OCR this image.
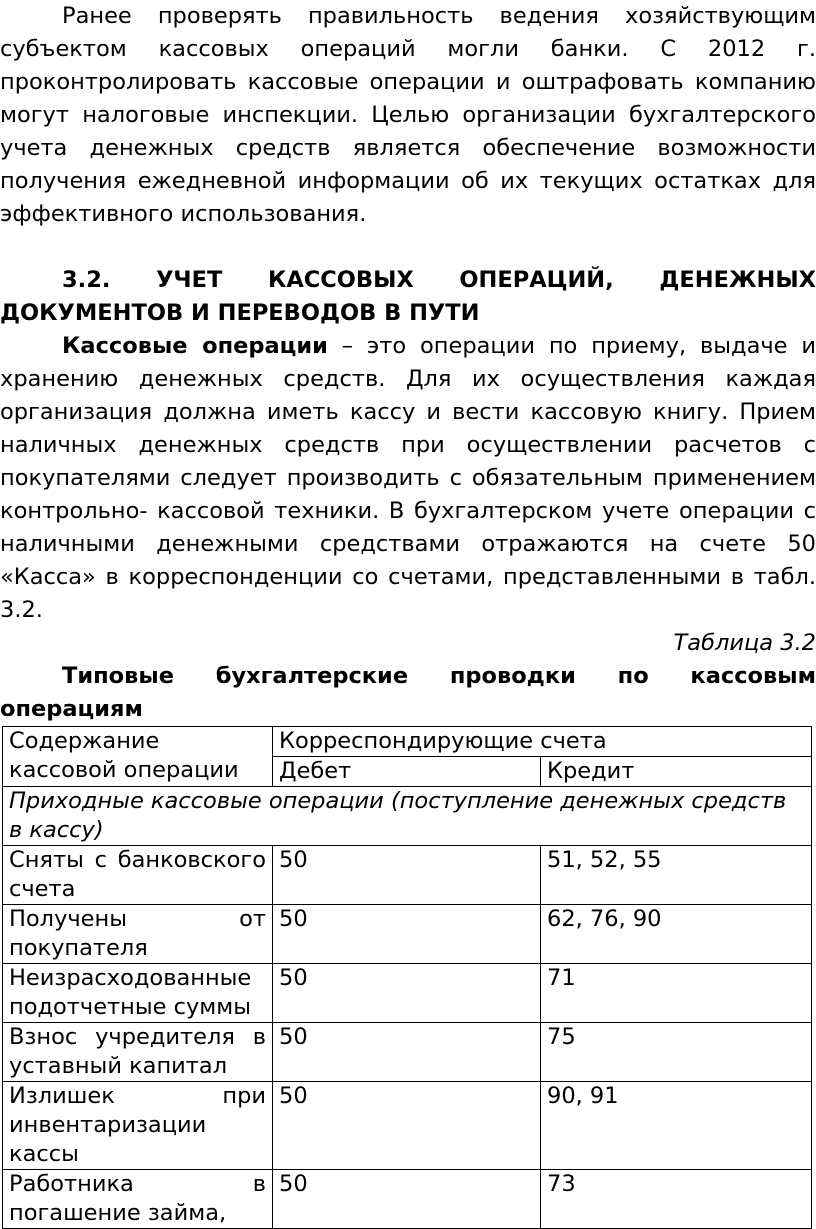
Ранее проверять правильность ведения хозяйствующим субъектом кассовых операций могли банки. С 2012 г. проконтролировать кассовые операции и оштрафовать компанию могут налоговые инспекции. Целью организации бухгалтерского учета денежных средств является обеспечение возможности получения ежедневной информации об их текущих остатках для эффективного использования.

3.2. УЧЕТ КАССОВЫХ ОПЕРАЦИЙ, ДЕНЕЖНЫХ ДОКУМЕНТОВ И ПЕРЕВОДОВ В ПУТИ

Кассовые операции – это операции по приему, выдаче и хранению денежных средств. Для их осуществления каждая организация должна иметь кассу и вести кассовую книгу. Прием наличных денежных средств при осуществлении расчетов с покупателями следует производить с обязательным применением контрольно- кассовой техники. В бухгалтерском учете операции с наличными денежными средствами отражаются на счете 50 «Касса» в корреспонденции со счетами, представленными в табл. 3.2.

Таблица 3.2

Типовые бухгалтерские проводки по кассовым операциям

Содержание кассовой операции	Корреспондирующие счета	
	Дебет	Кредит
Приходные кассовые операции (поступление денежных средств в кассу)		
Сняты с банковского счета	50	51, 52, 55
Получены от покупателя	50	62, 76, 90
Неизрасходованные подотчетные суммы	50	71
Взнос учредителя в уставный капитал	50	75
Излишек при инвентаризации кассы	50	90, 91
Работника в погашение займа,	50	73
